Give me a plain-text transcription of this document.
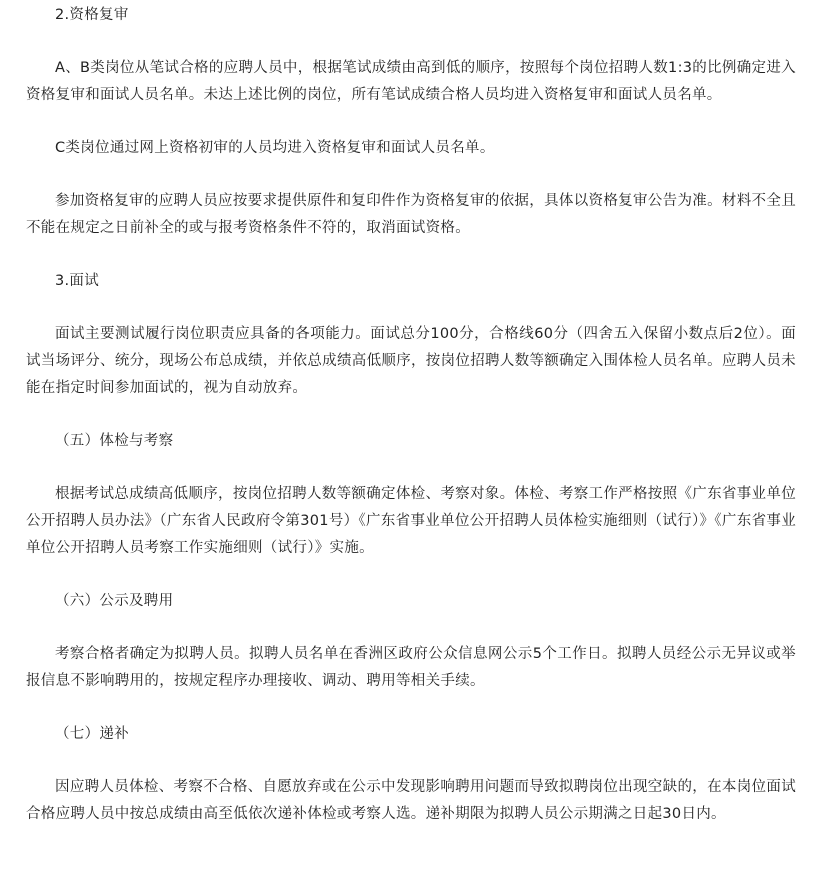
2.资格复审

A、B类岗位从笔试合格的应聘人员中，根据笔试成绩由高到低的顺序，按照每个岗位招聘人数1:3的比例确定进入资格复审和面试人员名单。未达上述比例的岗位，所有笔试成绩合格人员均进入资格复审和面试人员名单。

C类岗位通过网上资格初审的人员均进入资格复审和面试人员名单。

参加资格复审的应聘人员应按要求提供原件和复印件作为资格复审的依据，具体以资格复审公告为准。材料不全且不能在规定之日前补全的或与报考资格条件不符的，取消面试资格。

3.面试

面试主要测试履行岗位职责应具备的各项能力。面试总分100分，合格线60分（四舍五入保留小数点后2位）。面试当场评分、统分，现场公布总成绩，并依总成绩高低顺序，按岗位招聘人数等额确定入围体检人员名单。应聘人员未能在指定时间参加面试的，视为自动放弃。

（五）体检与考察

根据考试总成绩高低顺序，按岗位招聘人数等额确定体检、考察对象。体检、考察工作严格按照《广东省事业单位公开招聘人员办法》（广东省人民政府令第301号）《广东省事业单位公开招聘人员体检实施细则（试行）》《广东省事业单位公开招聘人员考察工作实施细则（试行）》实施。

（六）公示及聘用

考察合格者确定为拟聘人员。拟聘人员名单在香洲区政府公众信息网公示5个工作日。拟聘人员经公示无异议或举报信息不影响聘用的，按规定程序办理接收、调动、聘用等相关手续。

（七）递补

因应聘人员体检、考察不合格、自愿放弃或在公示中发现影响聘用问题而导致拟聘岗位出现空缺的，在本岗位面试合格应聘人员中按总成绩由高至低依次递补体检或考察人选。递补期限为拟聘人员公示期满之日起30日内。
